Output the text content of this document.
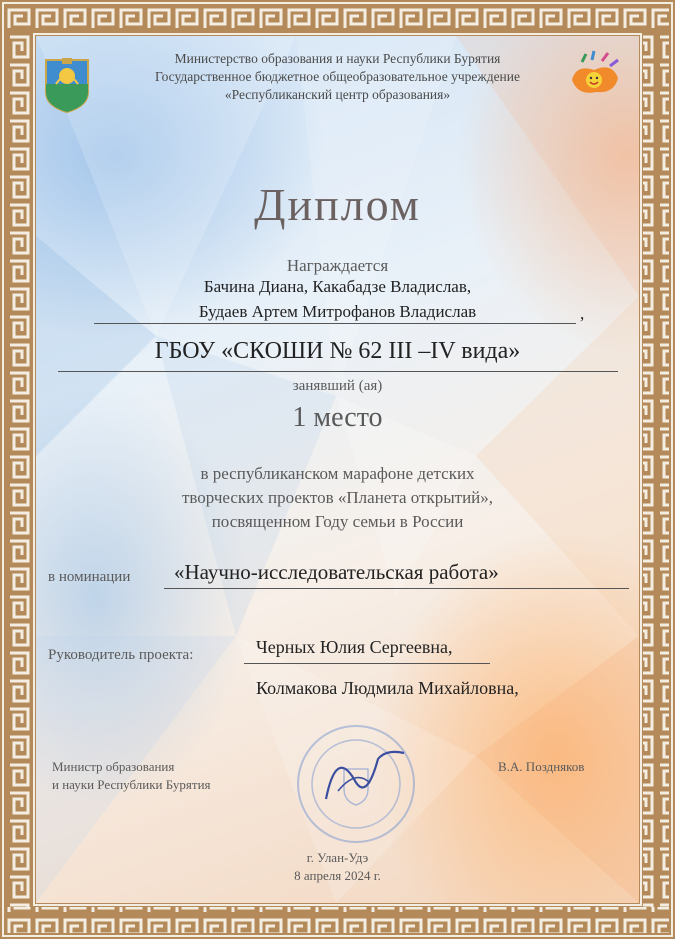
Министерство образования и науки Республики Бурятия
Государственное бюджетное общеобразовательное учреждение
«Республиканский центр образования»
Диплом
Награждается
Бачина Диана, Какабадзе Владислав,
Будаев Артем Митрофанов Владислав	,
ГБОУ «СКОШИ № 62 III –IV вида»
занявший (ая)
1 место
в республиканском марафоне детских
творческих проектов «Планета открытий»,
посвященном Году семьи в России
в номинации «Научно-исследовательская работа»
Руководитель проекта:	Черных Юлия Сергеевна,
Колмакова Людмила Михайловна,
Министр образования
и науки Республики Бурятия
В.А. Поздняков
г. Улан-Удэ
8 апреля 2024 г.
